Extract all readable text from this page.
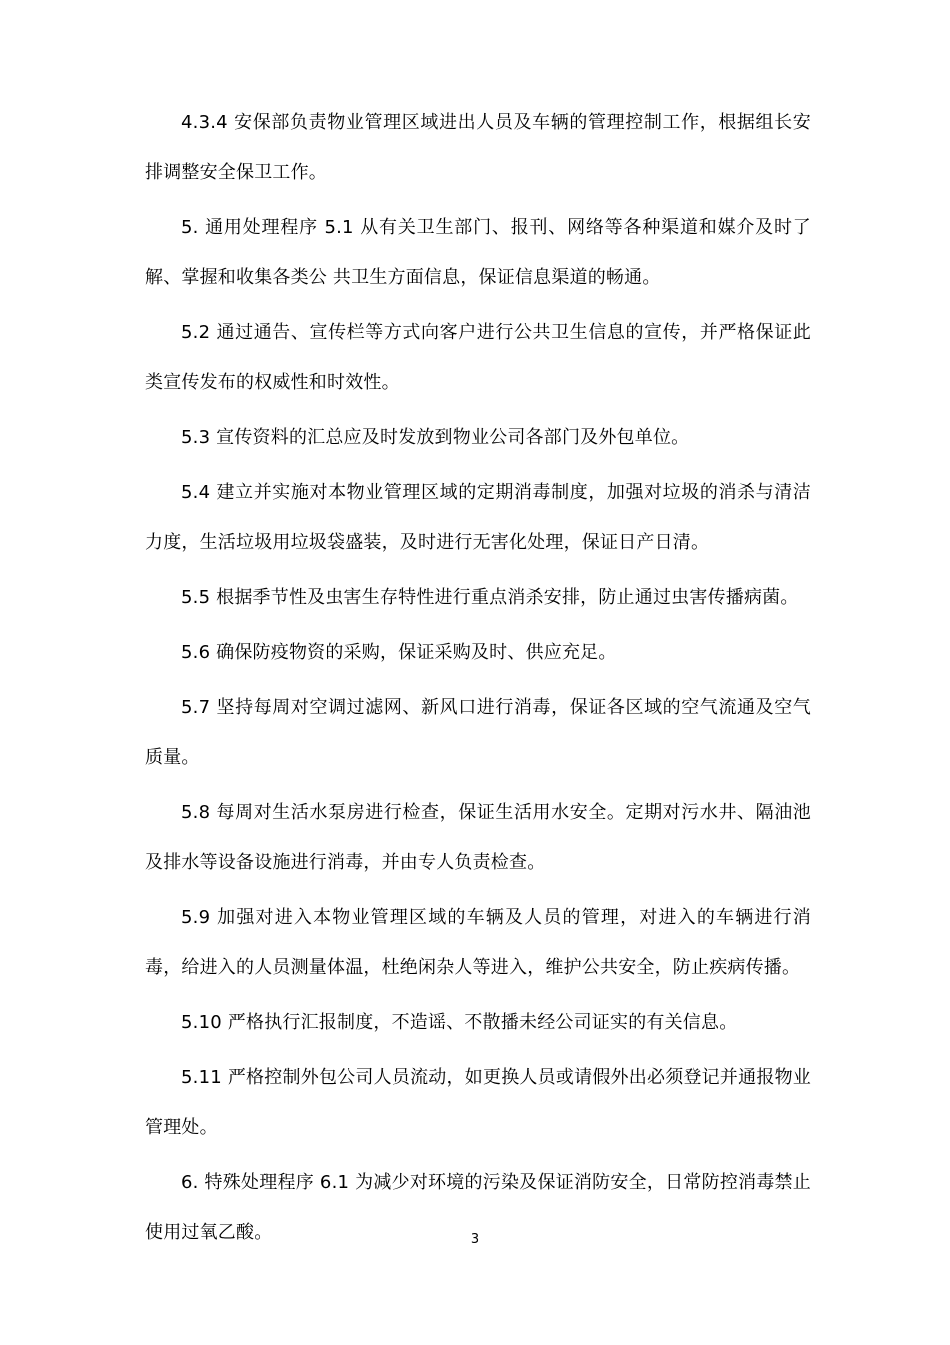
4.3.4 安保部负责物业管理区域进出人员及车辆的管理控制工作，根据组长安排调整安全保卫工作。

5. 通用处理程序 5.1 从有关卫生部门、报刊、网络等各种渠道和媒介及时了解、掌握和收集各类公 共卫生方面信息，保证信息渠道的畅通。

5.2 通过通告、宣传栏等方式向客户进行公共卫生信息的宣传，并严格保证此类宣传发布的权威性和时效性。

5.3 宣传资料的汇总应及时发放到物业公司各部门及外包单位。

5.4 建立并实施对本物业管理区域的定期消毒制度，加强对垃圾的消杀与清洁力度，生活垃圾用垃圾袋盛装，及时进行无害化处理，保证日产日清。

5.5 根据季节性及虫害生存特性进行重点消杀安排，防止通过虫害传播病菌。

5.6 确保防疫物资的采购，保证采购及时、供应充足。

5.7 坚持每周对空调过滤网、新风口进行消毒，保证各区域的空气流通及空气质量。

5.8 每周对生活水泵房进行检查，保证生活用水安全。定期对污水井、隔油池及排水等设备设施进行消毒，并由专人负责检查。

5.9 加强对进入本物业管理区域的车辆及人员的管理，对进入的车辆进行消毒，给进入的人员测量体温，杜绝闲杂人等进入，维护公共安全，防止疾病传播。

5.10 严格执行汇报制度，不造谣、不散播未经公司证实的有关信息。

5.11 严格控制外包公司人员流动，如更换人员或请假外出必须登记并通报物业管理处。

6. 特殊处理程序 6.1 为减少对环境的污染及保证消防安全，日常防控消毒禁止使用过氧乙酸。	3
